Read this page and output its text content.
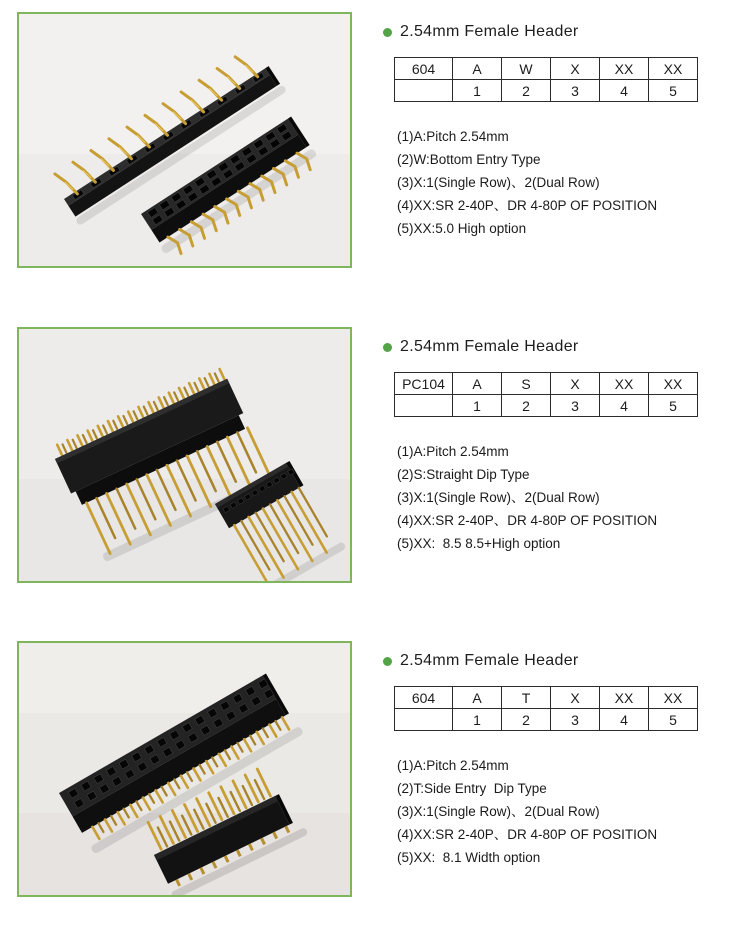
2.54mm Female Header
604	A	W	X	XX	XX
	1	2	3	4	5
(1)A:Pitch 2.54mm
(2)W:Bottom Entry Type
(3)X:1(Single Row)、2(Dual Row)
(4)XX:SR 2-40P、DR 4-80P OF POSITION
(5)XX:5.0 High option
2.54mm Female Header
PC104	A	S	X	XX	XX
	1	2	3	4	5
(1)A:Pitch 2.54mm
(2)S:Straight Dip Type
(3)X:1(Single Row)、2(Dual Row)
(4)XX:SR 2-40P、DR 4-80P OF POSITION
(5)XX:  8.5 8.5+High option
2.54mm Female Header
604	A	T	X	XX	XX
	1	2	3	4	5
(1)A:Pitch 2.54mm
(2)T:Side Entry  Dip Type
(3)X:1(Single Row)、2(Dual Row)
(4)XX:SR 2-40P、DR 4-80P OF POSITION
(5)XX:  8.1 Width option
